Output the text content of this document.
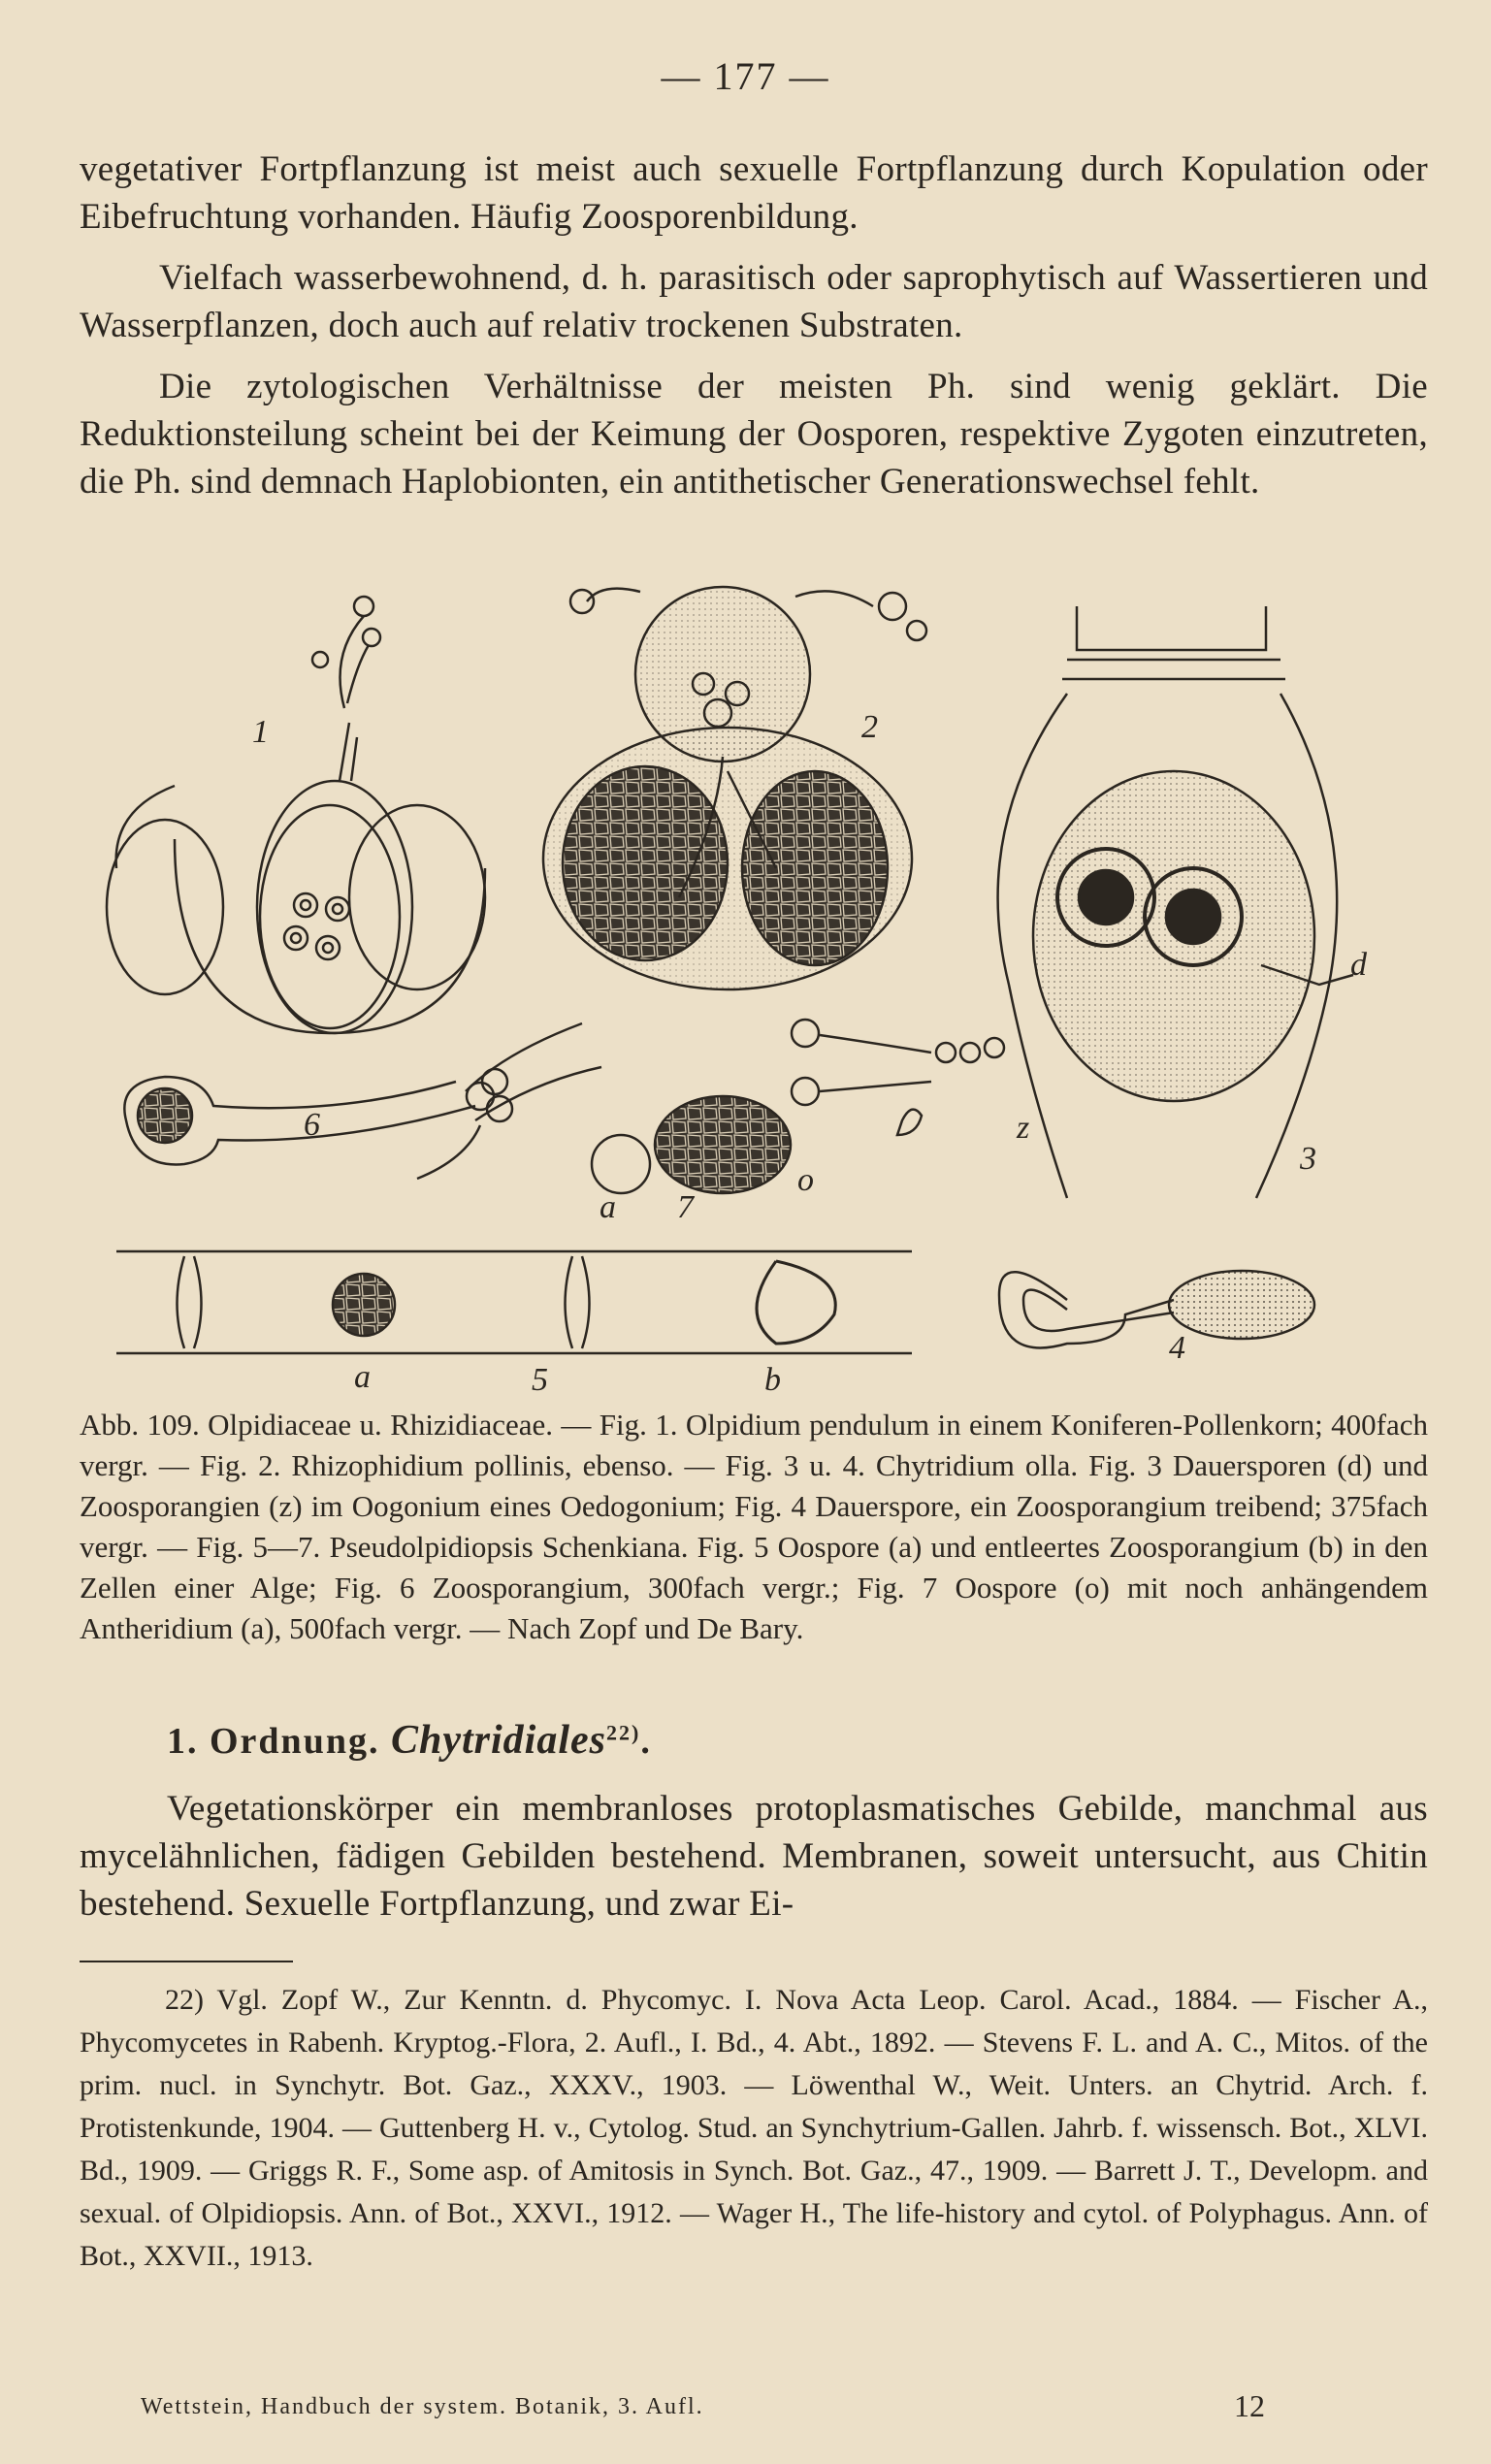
— 177 —

vegetativer Fortpflanzung ist meist auch sexuelle Fortpflanzung durch Kopulation oder Eibefruchtung vorhanden. Häufig Zoosporenbildung.

Vielfach wasserbewohnend, d. h. parasitisch oder saprophytisch auf Wassertieren und Wasserpflanzen, doch auch auf relativ trockenen Substraten.

Die zytologischen Verhältnisse der meisten Ph. sind wenig geklärt. Die Reduktionsteilung scheint bei der Keimung der Oosporen, respektive Zygoten einzutreten, die Ph. sind demnach Haplobionten, ein antithetischer Generationswechsel fehlt.

1	2
3
4
6
7
d
z
a
o
a	5	b

Abb. 109. Olpidiaceae u. Rhizidiaceae. — Fig. 1. Olpidium pendulum in einem Koniferen-Pollenkorn; 400fach vergr. — Fig. 2. Rhizophidium pollinis, ebenso. — Fig. 3 u. 4. Chytridium olla. Fig. 3 Dauersporen (d) und Zoosporangien (z) im Oogonium eines Oedogonium; Fig. 4 Dauerspore, ein Zoosporangium treibend; 375fach vergr. — Fig. 5—7. Pseudolpidiopsis Schenkiana. Fig. 5 Oospore (a) und entleertes Zoosporangium (b) in den Zellen einer Alge; Fig. 6 Zoosporangium, 300fach vergr.; Fig. 7 Oospore (o) mit noch anhängendem Antheridium (a), 500fach vergr. — Nach Zopf und De Bary.

1. Ordnung. Chytridiales$^{22)}$.

Vegetationskörper ein membranloses protoplasmatisches Gebilde, manchmal aus mycelähnlichen, fädigen Gebilden bestehend. Membranen, soweit untersucht, aus Chitin bestehend. Sexuelle Fortpflanzung, und zwar Ei-

22) Vgl. Zopf W., Zur Kenntn. d. Phycomyc. I. Nova Acta Leop. Carol. Acad., 1884. — Fischer A., Phycomycetes in Rabenh. Kryptog.-Flora, 2. Aufl., I. Bd., 4. Abt., 1892. — Stevens F. L. and A. C., Mitos. of the prim. nucl. in Synchytr. Bot. Gaz., XXXV., 1903. — Löwenthal W., Weit. Unters. an Chytrid. Arch. f. Protistenkunde, 1904. — Guttenberg H. v., Cytolog. Stud. an Synchytrium-Gallen. Jahrb. f. wissensch. Bot., XLVI. Bd., 1909. — Griggs R. F., Some asp. of Amitosis in Synch. Bot. Gaz., 47., 1909. — Barrett J. T., Developm. and sexual. of Olpidiopsis. Ann. of Bot., XXVI., 1912. — Wager H., The life-history and cytol. of Polyphagus. Ann. of Bot., XXVII., 1913.

Wettstein, Handbuch der system. Botanik, 3. Aufl.	12
